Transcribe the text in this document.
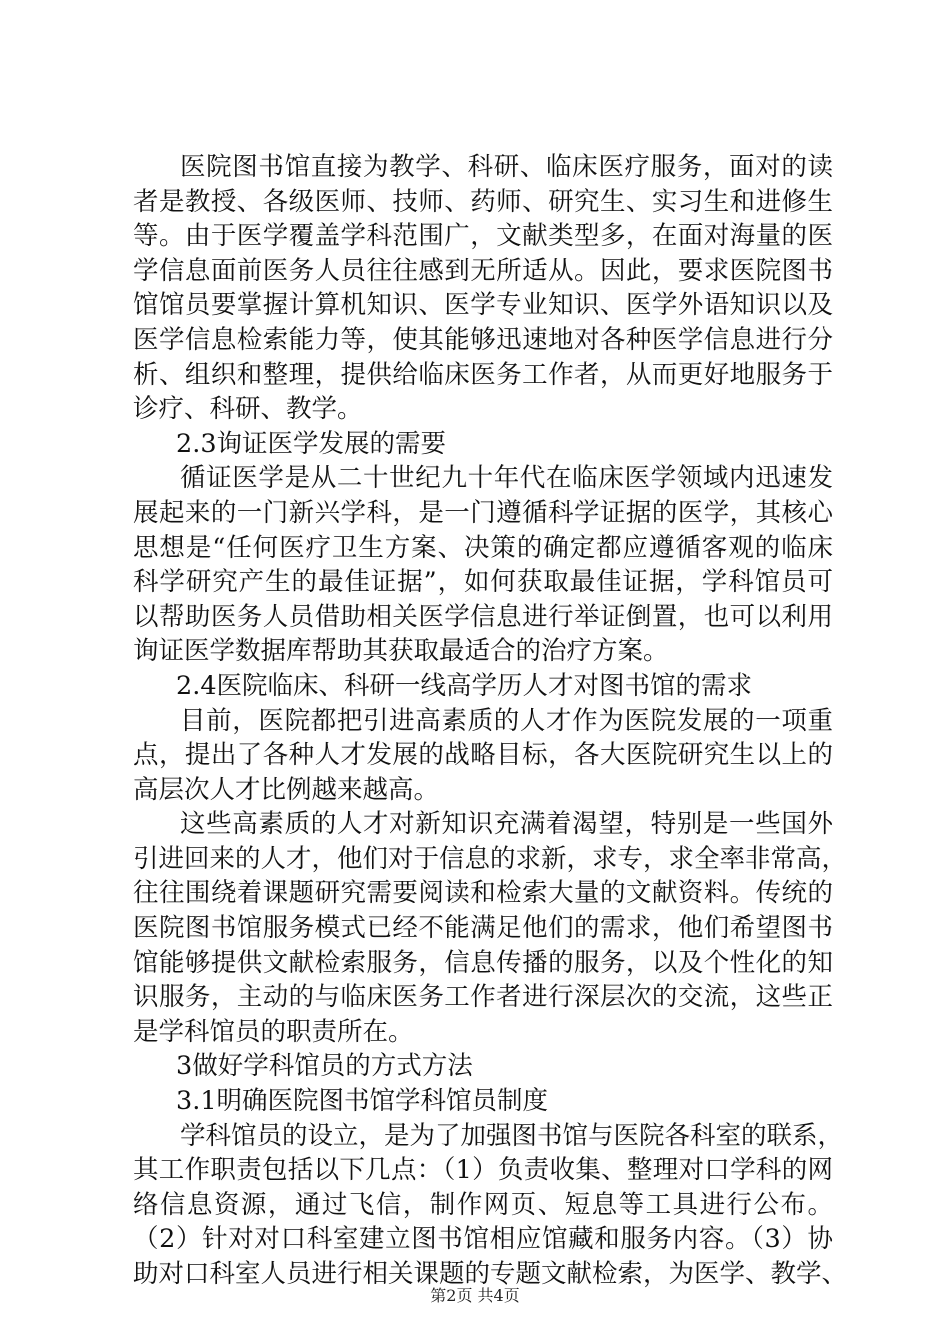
医院图书馆直接为教学、科研、临床医疗服务，面对的读
者是教授、各级医师、技师、药师、研究生、实习生和进修生
等。由于医学覆盖学科范围广，文献类型多，在面对海量的医
学信息面前医务人员往往感到无所适从。因此，要求医院图书
馆馆员要掌握计算机知识、医学专业知识、医学外语知识以及
医学信息检索能力等，使其能够迅速地对各种医学信息进行分
析、组织和整理，提供给临床医务工作者，从而更好地服务于
诊疗、科研、教学。
2.3询证医学发展的需要
循证医学是从二十世纪九十年代在临床医学领域内迅速发
展起来的一门新兴学科，是一门遵循科学证据的医学，其核心
思想是“任何医疗卫生方案、决策的确定都应遵循客观的临床
科学研究产生的最佳证据”，如何获取最佳证据，学科馆员可
以帮助医务人员借助相关医学信息进行举证倒置，也可以利用
询证医学数据库帮助其获取最适合的治疗方案。
2.4医院临床、科研一线高学历人才对图书馆的需求
目前，医院都把引进高素质的人才作为医院发展的一项重
点，提出了各种人才发展的战略目标，各大医院研究生以上的
高层次人才比例越来越高。
这些高素质的人才对新知识充满着渴望，特别是一些国外
引进回来的人才，他们对于信息的求新，求专，求全率非常高，
往往围绕着课题研究需要阅读和检索大量的文献资料。传统的
医院图书馆服务模式已经不能满足他们的需求，他们希望图书
馆能够提供文献检索服务，信息传播的服务，以及个性化的知
识服务，主动的与临床医务工作者进行深层次的交流，这些正
是学科馆员的职责所在。
3做好学科馆员的方式方法
3.1明确医院图书馆学科馆员制度
学科馆员的设立，是为了加强图书馆与医院各科室的联系，
其工作职责包括以下几点：（1）负责收集、整理对口学科的网
络信息资源，通过飞信，制作网页、短息等工具进行公布。
（2）针对对口科室建立图书馆相应馆藏和服务内容。（3）协
助对口科室人员进行相关课题的专题文献检索，为医学、教学、
第2页 共4页
